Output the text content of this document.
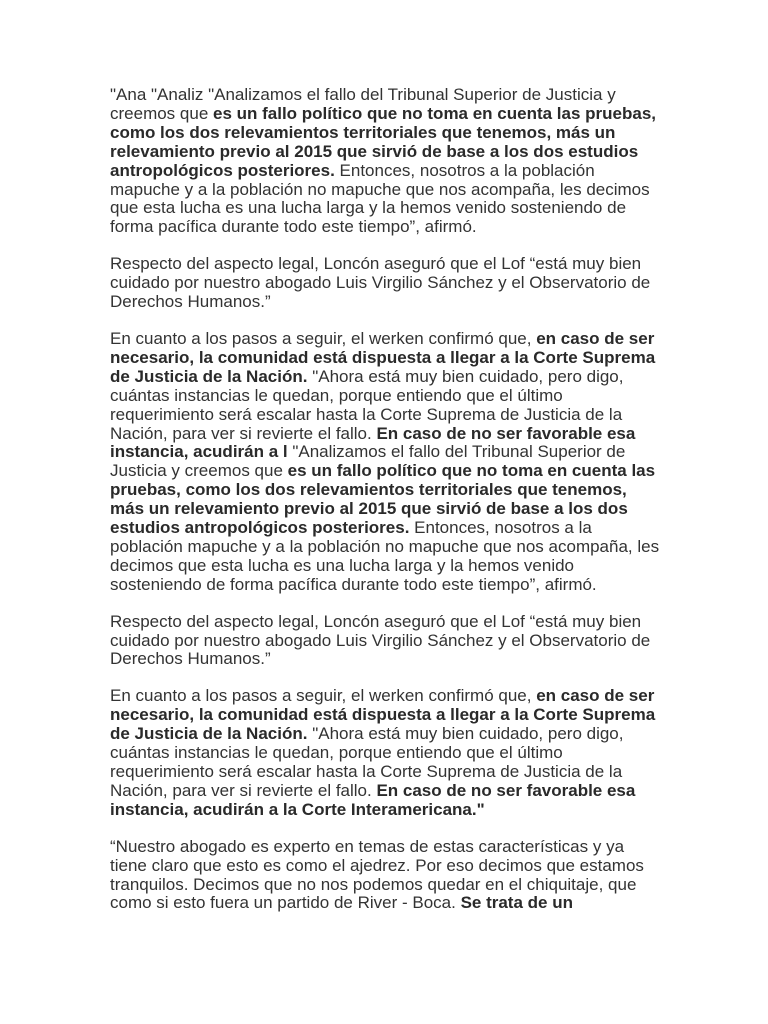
"Ana "Analiz "Analizamos el fallo del Tribunal Superior de Justicia y creemos que es un fallo político que no toma en cuenta las pruebas, como los dos relevamientos territoriales que tenemos, más un relevamiento previo al 2015 que sirvió de base a los dos estudios antropológicos posteriores. Entonces, nosotros a la población mapuche y a la población no mapuche que nos acompaña, les decimos que esta lucha es una lucha larga y la hemos venido sosteniendo de forma pacífica durante todo este tiempo”, afirmó.

Respecto del aspecto legal, Loncón aseguró que el Lof “está muy bien cuidado por nuestro abogado Luis Virgilio Sánchez y el Observatorio de Derechos Humanos.”

En cuanto a los pasos a seguir, el werken confirmó que, en caso de ser necesario, la comunidad está dispuesta a llegar a la Corte Suprema de Justicia de la Nación. "Ahora está muy bien cuidado, pero digo, cuántas instancias le quedan, porque entiendo que el último requerimiento será escalar hasta la Corte Suprema de Justicia de la Nación, para ver si revierte el fallo. En caso de no ser favorable esa instancia, acudirán a l "Analizamos el fallo del Tribunal Superior de Justicia y creemos que es un fallo político que no toma en cuenta las pruebas, como los dos relevamientos territoriales que tenemos, más un relevamiento previo al 2015 que sirvió de base a los dos estudios antropológicos posteriores. Entonces, nosotros a la población mapuche y a la población no mapuche que nos acompaña, les decimos que esta lucha es una lucha larga y la hemos venido sosteniendo de forma pacífica durante todo este tiempo”, afirmó.

Respecto del aspecto legal, Loncón aseguró que el Lof “está muy bien cuidado por nuestro abogado Luis Virgilio Sánchez y el Observatorio de Derechos Humanos.”

En cuanto a los pasos a seguir, el werken confirmó que, en caso de ser necesario, la comunidad está dispuesta a llegar a la Corte Suprema de Justicia de la Nación. "Ahora está muy bien cuidado, pero digo, cuántas instancias le quedan, porque entiendo que el último requerimiento será escalar hasta la Corte Suprema de Justicia de la Nación, para ver si revierte el fallo. En caso de no ser favorable esa instancia, acudirán a la Corte Interamericana."

“Nuestro abogado es experto en temas de estas características y ya tiene claro que esto es como el ajedrez. Por eso decimos que estamos tranquilos. Decimos que no nos podemos quedar en el chiquitaje, que como si esto fuera un partido de River - Boca. Se trata de un
